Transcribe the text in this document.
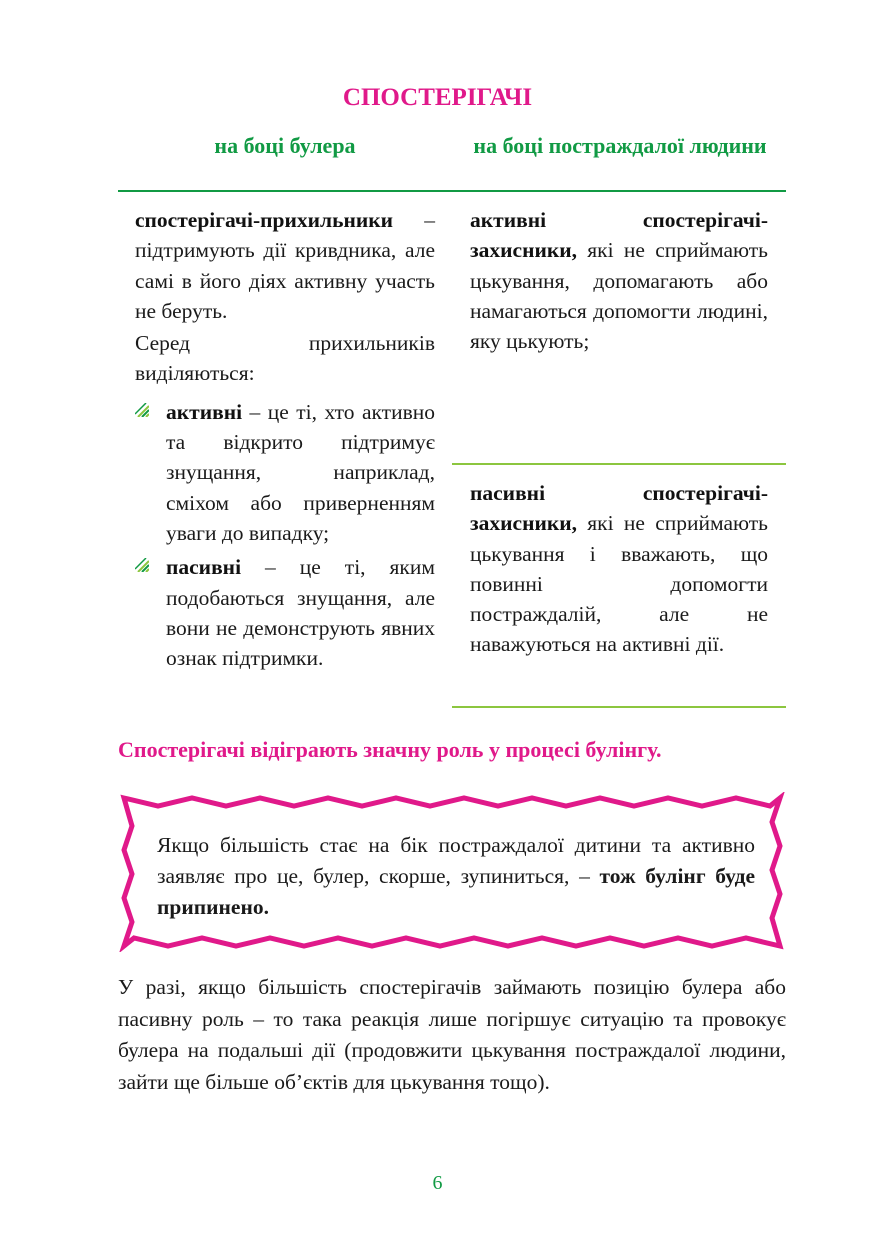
СПОСТЕРІГАЧІ
на боці булера	на боці постраждалої людини

спостерігачі-прихильники – підтримують дії кривдника, але самі в його діях активну участь не беруть.

Серед прихильників виділяються:

активні – це ті, хто активно та відкрито підтримує знущання, наприклад, сміхом або приверненням уваги до випадку;
пасивні – це ті, яким подобаються знущання, але вони не демонструють явних ознак підтримки.

активні спостерігачі-захисники, які не сприймають цькування, допомагають або намагаються допомогти людині, яку цькують;

пасивні спостерігачі-захисники, які не сприймають цькування і вважають, що повинні допомогти постраждалій, але не наважуються на активні дії.

Спостерігачі відіграють значну роль у процесі булінгу.
Якщо більшість стає на бік постраждалої дитини та активно заявляє про це, булер, скорше, зупиниться, – тож булінг буде припинено.
У разі, якщо більшість спостерігачів займають позицію булера або пасивну роль – то така реакція лише погіршує ситуацію та провокує булера на подальші дії (продовжити цькування постраждалої людини, зайти ще більше об’єктів для цькування тощо).
6
